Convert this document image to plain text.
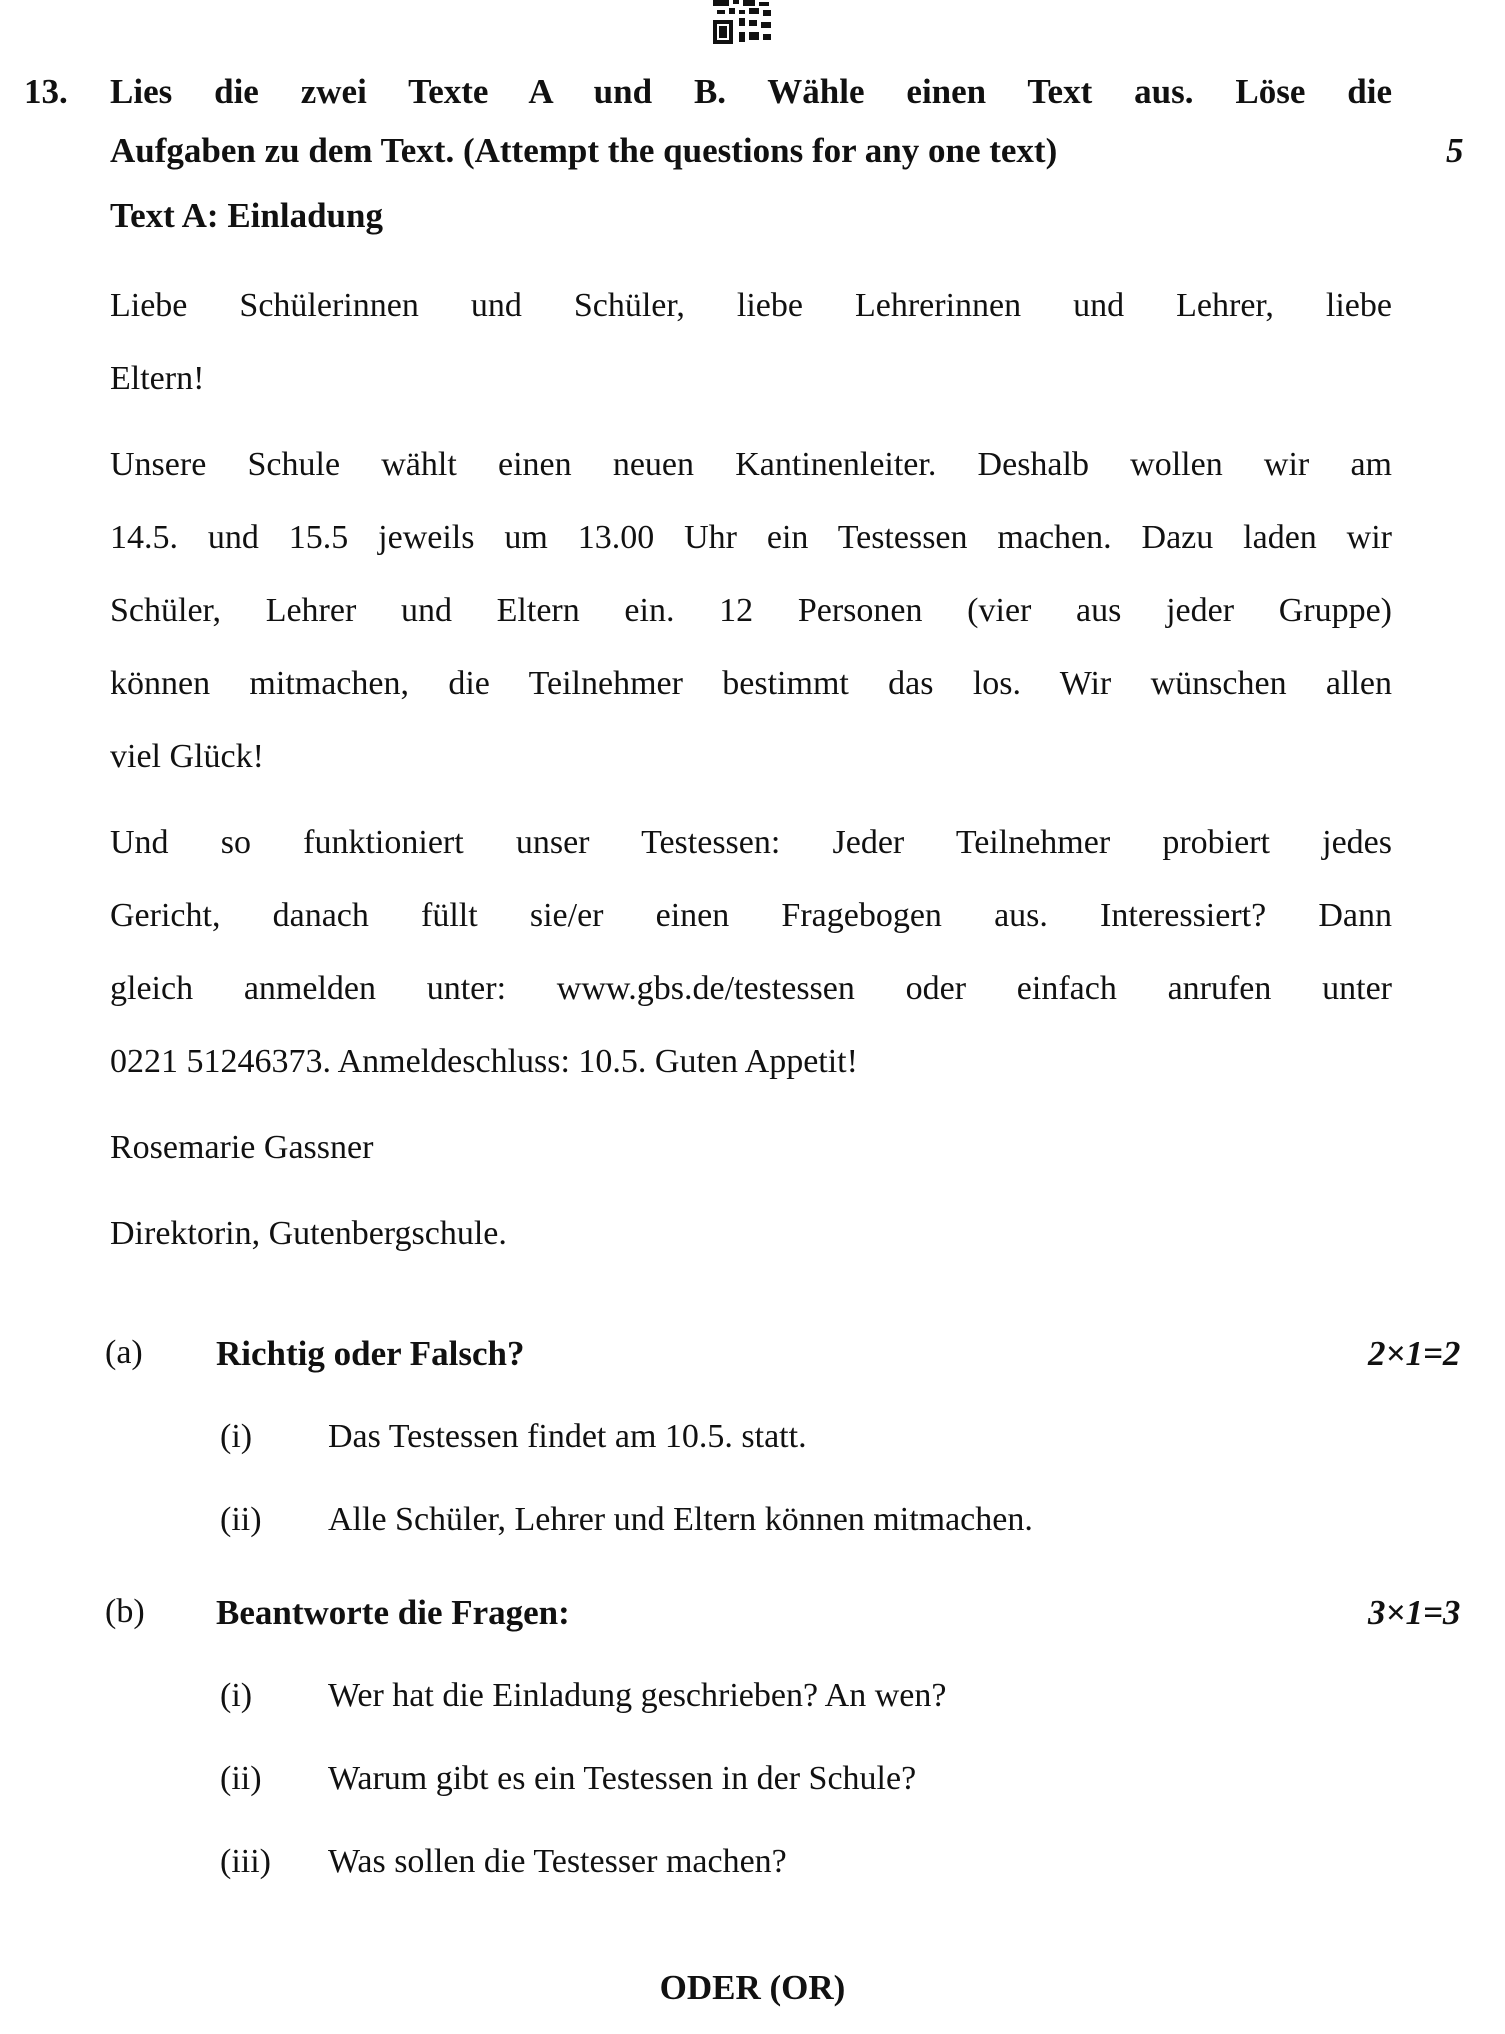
13. Lies die zwei Texte A und B. Wähle einen Text aus. Löse die
Aufgaben zu dem Text. (Attempt the questions for any one text)	5
Text A: Einladung
Liebe Schülerinnen und Schüler, liebe Lehrerinnen und Lehrer, liebe
Eltern!
Unsere Schule wählt einen neuen Kantinenleiter. Deshalb wollen wir am
14.5. und 15.5 jeweils um 13.00 Uhr ein Testessen machen. Dazu laden wir
Schüler, Lehrer und Eltern ein. 12 Personen (vier aus jeder Gruppe)
können mitmachen, die Teilnehmer bestimmt das los. Wir wünschen allen
viel Glück!
Und so funktioniert unser Testessen: Jeder Teilnehmer probiert jedes
Gericht, danach füllt sie/er einen Fragebogen aus. Interessiert? Dann
gleich anmelden unter: www.gbs.de/testessen oder einfach anrufen unter
0221 51246373. Anmeldeschluss: 10.5. Guten Appetit!
Rosemarie Gassner
Direktorin, Gutenbergschule.
(a) Richtig oder Falsch?	2×1=2
(i) Das Testessen findet am 10.5. statt.
(ii) Alle Schüler, Lehrer und Eltern können mitmachen.
(b) Beantworte die Fragen:	3×1=3
(i) Wer hat die Einladung geschrieben? An wen?
(ii) Warum gibt es ein Testessen in der Schule?
(iii) Was sollen die Testesser machen?
ODER (OR)
